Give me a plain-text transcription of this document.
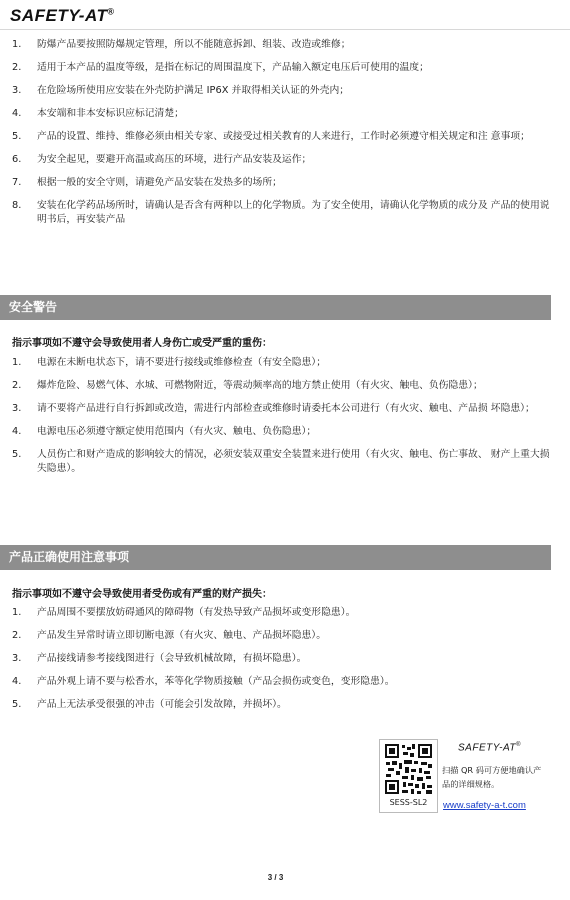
SAFETY-AT®
1.	防爆产品要按照防爆规定管理，所以不能随意拆卸、组装、改造或维修；
2.	适用于本产品的温度等级，是指在标记的周围温度下，产品输入额定电压后可使用的温度；
3.	在危险场所使用应安装在外壳防护满足 IP6X 并取得相关认证的外壳内；
4.	本安端和非本安标识应标记清楚；
5.	产品的设置、维持、维修必须由相关专家、或接受过相关教育的人来进行，工作时必须遵守相关规定和注 意事项；
6.	为安全起见，要避开高温或高压的环境，进行产品安装及运作；
7.	根据一般的安全守则，请避免产品安装在发热多的场所；
8.	安装在化学药品场所时，请确认是否含有两种以上的化学物质。为了安全使用，请确认化学物质的成分及 产品的使用说明书后，再安装产品
安全警告
指示事项如不遵守会导致使用者人身伤亡或受严重的重伤：
1.	电源在未断电状态下，请不要进行接线或维修检查（有安全隐患）；
2.	爆炸危险、易燃气体、水城、可燃物附近，等震动频率高的地方禁止使用（有火灾、触电、负伤隐患）；
3.	请不要将产品进行自行拆卸或改造，需进行内部检查或维修时请委托本公司进行（有火灾、触电、产品损 坏隐患）；
4.	电源电压必须遵守额定使用范围内（有火灾、触电、负伤隐患）；
5.	人员伤亡和财产造成的影响较大的情况，必须安装双重安全装置来进行使用（有火灾、触电、伤亡事故、 财产上重大损失隐患）。
产品正确使用注意事项
指示事项如不遵守会导致使用者受伤或有严重的财产损失：
1.	产品周围不要摆放妨碍通风的障碍物（有发热导致产品损坏或变形隐患）。
2.	产品发生异常时请立即切断电源（有火灾、触电、产品损坏隐患）。
3.	产品接线请参考接线图进行（会导致机械故障，有损坏隐患）。
4.	产品外观上请不要与松香水，苯等化学物质接触（产品会损伤或变色，变形隐患）。
5.	产品上无法承受很强的冲击（可能会引发故障，并损坏）。
SESS-SL2
SAFETY-AT®
扫描 QR 码可方便地确认产品的详细规格。
www.safety-a-t.com
3 / 3
